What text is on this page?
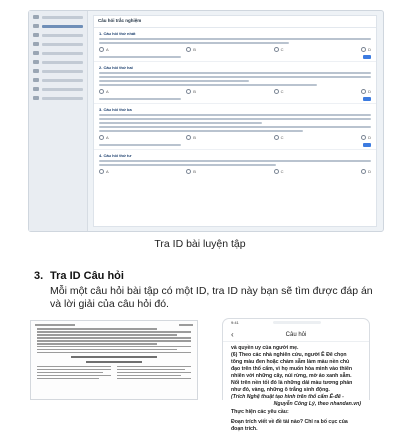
Câu hỏi trắc nghiệm
1. Câu hỏi thứ nhất
A	B	C	D
2. Câu hỏi thứ hai
A	B	C	D
3. Câu hỏi thứ ba
A	B	C	D
4. Câu hỏi thứ tư
A	B	C	D
Tra ID bài luyện tập
3. Tra ID Câu hỏi
Mỗi một câu hỏi bài tập có một ID, tra ID này bạn sẽ tìm được đáp án và lời giải của câu hỏi đó.
9:41
‹	Câu hỏi
và quyền uy của người mẹ.
(6) Theo các nhà nghiên cứu, người Ê Đê chọn
tông màu đen hoặc chàm sẫm làm màu nền chủ
đạo trên thổ cẩm, vì họ muốn hòa mình vào thiên
nhiên với những cây, núi rừng, mờ ảo xanh sẫm.
Nổi trên nền tối đó là những dải màu tương phản
như đỏ, vàng, những ô trắng sinh động.
(Trích Nghệ thuật tạo hình trên thổ cẩm Ê-đê -
Nguyễn Công Lý, theo nhandan.vn)
Thực hiện các yêu cầu:
Đoạn trích viết về đề tài nào? Chỉ ra bố cục của
đoạn trích.
